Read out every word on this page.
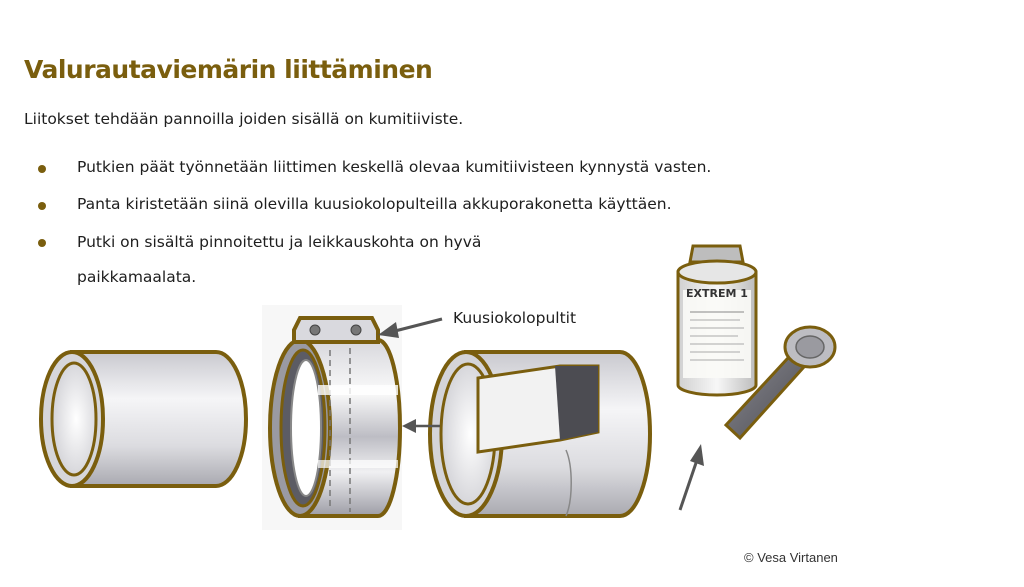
Valurautaviemärin liittäminen
Liitokset tehdään pannoilla joiden sisällä on kumitiiviste.
Putkien päät työnnetään liittimen keskellä olevaa kumitiivisteen kynnystä vasten.
Panta kiristetään siinä olevilla kuusiokolopulteilla akkuporakonetta käyttäen.
Putki on sisältä pinnoitettu ja leikkauskohta on hyvä
paikkamaalata.
EXTREM 1
Kuusiokolopultit
© Vesa Virtanen
